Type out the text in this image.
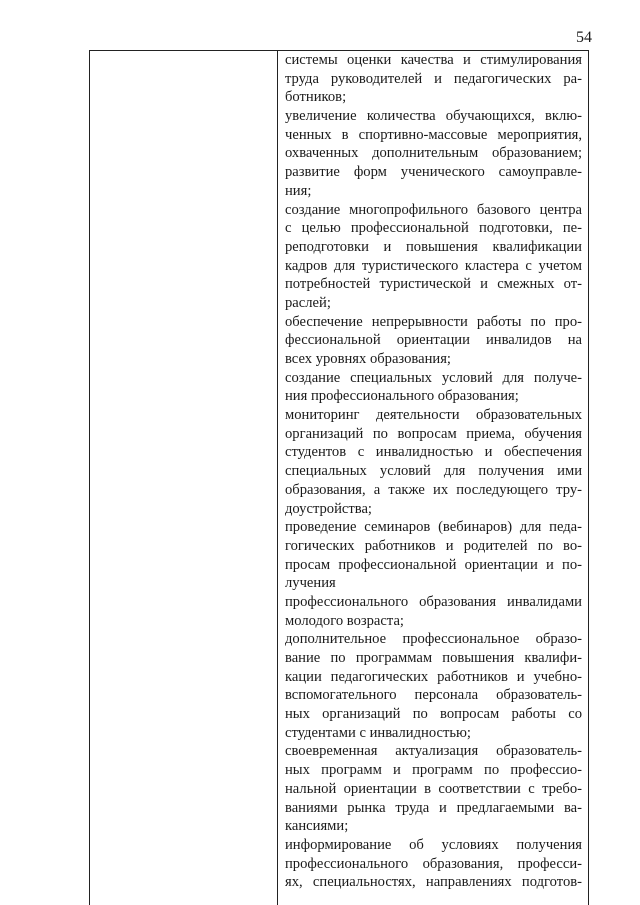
54
системы оценки качества и стимулирования
труда руководителей и педагогических ра-
ботников;
увеличение количества обучающихся, вклю-
ченных в спортивно-массовые мероприятия,
охваченных дополнительным образованием;
развитие форм ученического самоуправле-
ния;
создание многопрофильного базового центра
с целью профессиональной подготовки, пе-
реподготовки и повышения квалификации
кадров для туристического кластера с учетом
потребностей туристической и смежных от-
раслей;
обеспечение непрерывности работы по про-
фессиональной ориентации инвалидов на
всех уровнях образования;
создание специальных условий для получе-
ния профессионального образования;
мониторинг деятельности образовательных
организаций по вопросам приема, обучения
студентов с инвалидностью и обеспечения
специальных условий для получения ими
образования, а также их последующего тру-
доустройства;
проведение семинаров (вебинаров) для педа-
гогических работников и родителей по во-
просам профессиональной ориентации и по-
лучения
профессионального образования инвалидами
молодого возраста;
дополнительное профессиональное образо-
вание по программам повышения квалифи-
кации педагогических работников и учебно-
вспомогательного персонала образователь-
ных организаций по вопросам работы со
студентами с инвалидностью;
своевременная актуализация образователь-
ных программ и программ по профессио-
нальной ориентации в соответствии с требо-
ваниями рынка труда и предлагаемыми ва-
кансиями;
информирование об условиях получения
профессионального образования, професси-
ях, специальностях, направлениях подготов-
